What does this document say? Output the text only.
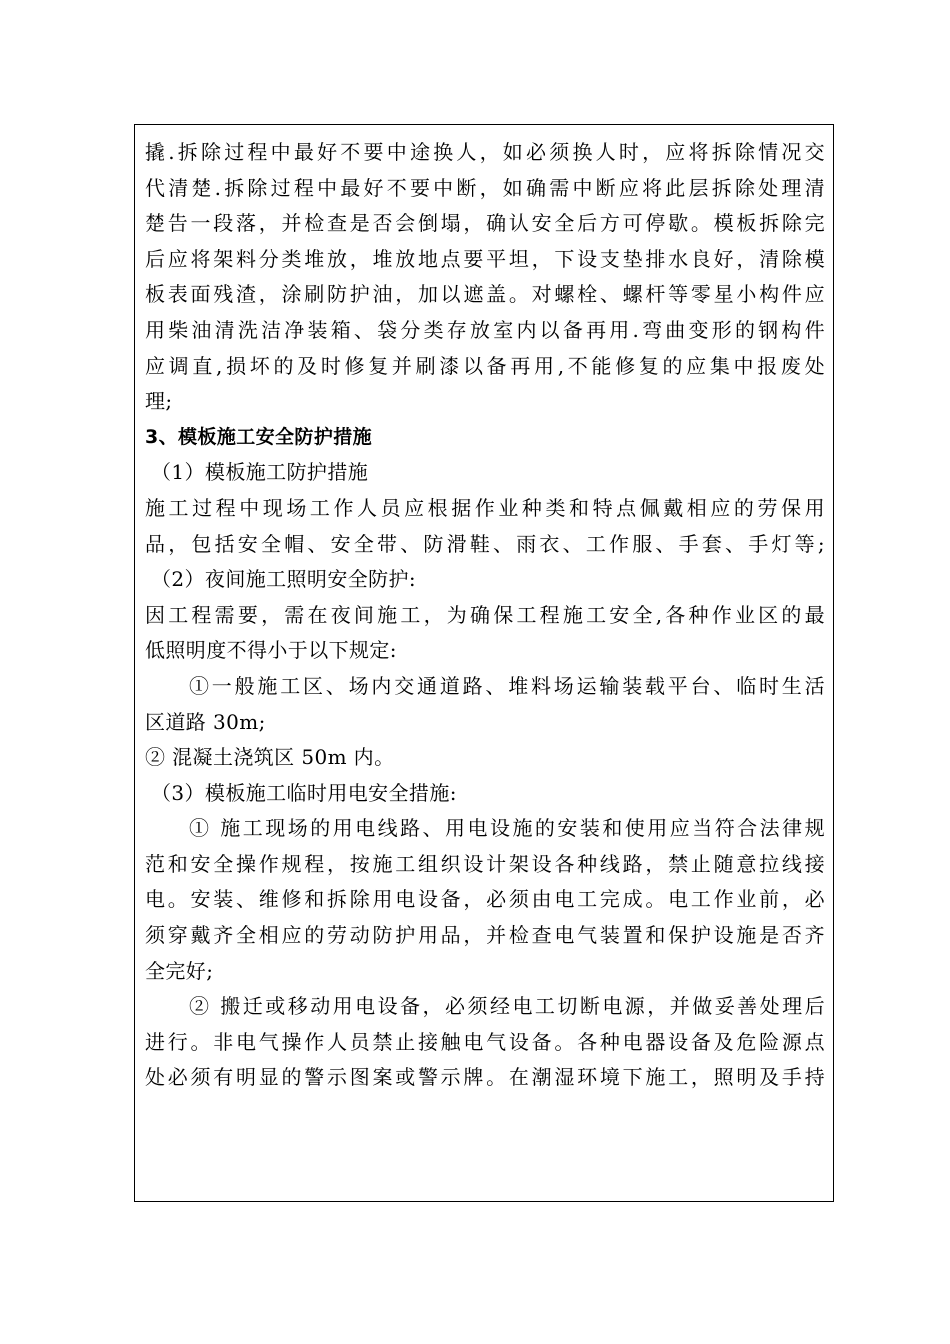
撬.拆除过程中最好不要中途换人，如必须换人时，应将拆除情况交
代清楚.拆除过程中最好不要中断，如确需中断应将此层拆除处理清
楚告一段落，并检查是否会倒塌，确认安全后方可停歇。模板拆除完
后应将架料分类堆放，堆放地点要平坦，下设支垫排水良好，清除模
板表面残渣，涂刷防护油，加以遮盖。对螺栓、螺杆等零星小构件应
用柴油清洗洁净装箱、袋分类存放室内以备再用.弯曲变形的钢构件
应调直,损坏的及时修复并刷漆以备再用,不能修复的应集中报废处
理;
3、模板施工安全防护措施
（1）模板施工防护措施
施工过程中现场工作人员应根据作业种类和特点佩戴相应的劳保用
品，包括安全帽、安全带、防滑鞋、雨衣、工作服、手套、手灯等;
（2）夜间施工照明安全防护:
因工程需要，需在夜间施工，为确保工程施工安全,各种作业区的最
低照明度不得小于以下规定:
①一般施工区、场内交通道路、堆料场运输装载平台、临时生活
区道路 30m;
② 混凝土浇筑区 50m 内。
（3）模板施工临时用电安全措施:
① 施工现场的用电线路、用电设施的安装和使用应当符合法律规
范和安全操作规程，按施工组织设计架设各种线路，禁止随意拉线接
电。安装、维修和拆除用电设备，必须由电工完成。电工作业前，必
须穿戴齐全相应的劳动防护用品，并检查电气装置和保护设施是否齐
全完好;
② 搬迁或移动用电设备，必须经电工切断电源，并做妥善处理后
进行。非电气操作人员禁止接触电气设备。各种电器设备及危险源点
处必须有明显的警示图案或警示牌。在潮湿环境下施工，照明及手持
